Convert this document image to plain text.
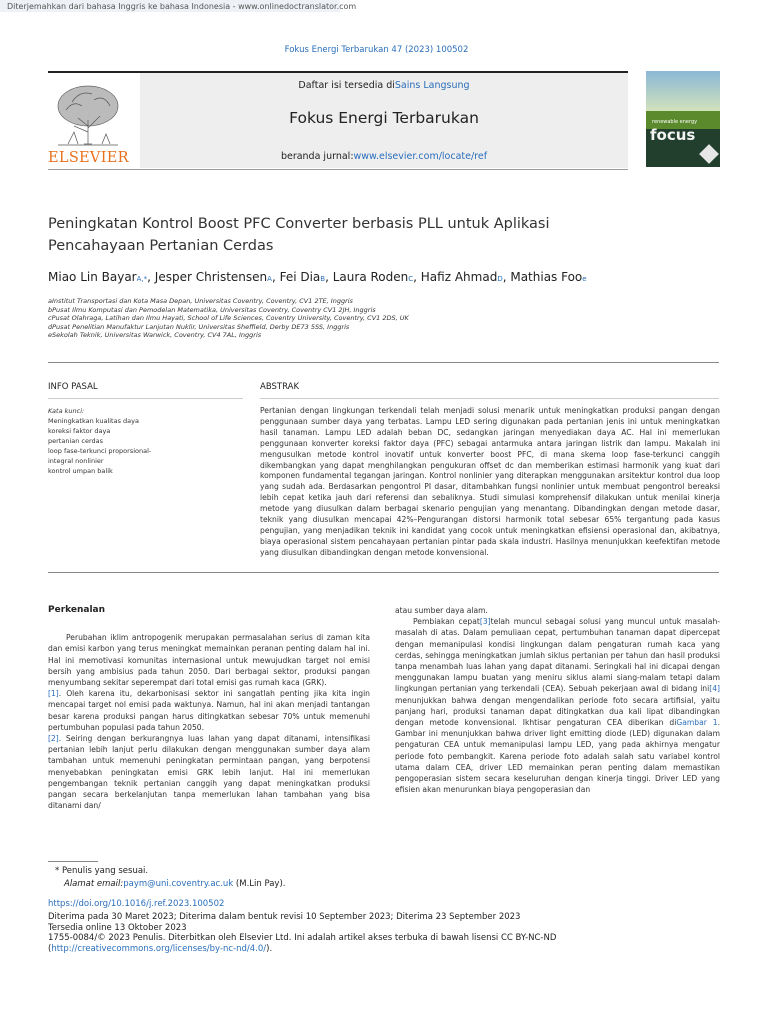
Diterjemahkan dari bahasa Inggris ke bahasa Indonesia - www.onlinedoctranslator.com
Fokus Energi Terbarukan 47 (2023) 100502
ELSEVIER
Daftar isi tersedia diSains Langsung
Fokus Energi Terbarukan
beranda jurnal:www.elsevier.com/locate/ref
renewable energy
focus
Peningkatan Kontrol Boost PFC Converter berbasis PLL untuk Aplikasi Pencahayaan Pertanian Cerdas
Miao Lin BayarA,*, Jesper ChristensenA, Fei DiaB, Laura RodenC, Hafiz AhmadD, Mathias Fooe
aInstitut Transportasi dan Kota Masa Depan, Universitas Coventry, Coventry, CV1 2TE, Inggris
bPusat Ilmu Komputasi dan Pemodelan Matematika, Universitas Coventry, Coventry CV1 2JH, Inggris
cPusat Olahraga, Latihan dan Ilmu Hayati, School of Life Sciences, Coventry University, Coventry, CV1 2DS, UK
dPusat Penelitian Manufaktur Lanjutan Nuklir, Universitas Sheffield, Derby DE73 5SS, Inggris
eSekolah Teknik, Universitas Warwick, Coventry, CV4 7AL, Inggris
INFO PASAL	ABSTRAK
Kata kunci:
Meningkatkan kualitas daya
koreksi faktor daya
pertanian cerdas
loop fase-terkunci proporsional-
integral nonlinier
kontrol umpan balik
Pertanian dengan lingkungan terkendali telah menjadi solusi menarik untuk meningkatkan produksi pangan dengan penggunaan sumber daya yang terbatas. Lampu LED sering digunakan pada pertanian jenis ini untuk meningkatkan hasil tanaman. Lampu LED adalah beban DC, sedangkan jaringan menyediakan daya AC. Hal ini memerlukan penggunaan konverter koreksi faktor daya (PFC) sebagai antarmuka antara jaringan listrik dan lampu. Makalah ini mengusulkan metode kontrol inovatif untuk konverter boost PFC, di mana skema loop fase-terkunci canggih dikembangkan yang dapat menghilangkan pengukuran offset dc dan memberikan estimasi harmonik yang kuat dari komponen fundamental tegangan jaringan. Kontrol nonlinier yang diterapkan menggunakan arsitektur kontrol dua loop yang sudah ada. Berdasarkan pengontrol PI dasar, ditambahkan fungsi nonlinier untuk membuat pengontrol bereaksi lebih cepat ketika jauh dari referensi dan sebaliknya. Studi simulasi komprehensif dilakukan untuk menilai kinerja metode yang diusulkan dalam berbagai skenario pengujian yang menantang. Dibandingkan dengan metode dasar, teknik yang diusulkan mencapai 42%–Pengurangan distorsi harmonik total sebesar 65% tergantung pada kasus pengujian, yang menjadikan teknik ini kandidat yang cocok untuk meningkatkan efisiensi operasional dan, akibatnya, biaya operasional sistem pencahayaan pertanian pintar pada skala industri. Hasilnya menunjukkan keefektifan metode yang diusulkan dibandingkan dengan metode konvensional.
Perkenalan

Perubahan iklim antropogenik merupakan permasalahan serius di zaman kita dan emisi karbon yang terus meningkat memainkan peranan penting dalam hal ini. Hal ini memotivasi komunitas internasional untuk mewujudkan target nol emisi bersih yang ambisius pada tahun 2050. Dari berbagai sektor, produksi pangan menyumbang sekitar seperempat dari total emisi gas rumah kaca (GRK).
[1]. Oleh karena itu, dekarbonisasi sektor ini sangatlah penting jika kita ingin mencapai target nol emisi pada waktunya. Namun, hal ini akan menjadi tantangan besar karena produksi pangan harus ditingkatkan sebesar 70% untuk memenuhi pertumbuhan populasi pada tahun 2050.
[2]. Seiring dengan berkurangnya luas lahan yang dapat ditanami, intensifikasi pertanian lebih lanjut perlu dilakukan dengan menggunakan sumber daya alam tambahan untuk memenuhi peningkatan permintaan pangan, yang berpotensi menyebabkan peningkatan emisi GRK lebih lanjut. Hal ini memerlukan pengembangan teknik pertanian canggih yang dapat meningkatkan produksi pangan secara berkelanjutan tanpa memerlukan lahan tambahan yang bisa ditanami dan/

atau sumber daya alam.

Pembiakan cepat[3]telah muncul sebagai solusi yang muncul untuk masalah-masalah di atas. Dalam pemuliaan cepat, pertumbuhan tanaman dapat dipercepat dengan memanipulasi kondisi lingkungan dalam pengaturan rumah kaca yang cerdas, sehingga meningkatkan jumlah siklus pertanian per tahun dan hasil produksi tanpa menambah luas lahan yang dapat ditanami. Seringkali hal ini dicapai dengan menggunakan lampu buatan yang meniru siklus alami siang-malam tetapi dalam lingkungan pertanian yang terkendali (CEA). Sebuah pekerjaan awal di bidang ini[4] menunjukkan bahwa dengan mengendalikan periode foto secara artifisial, yaitu panjang hari, produksi tanaman dapat ditingkatkan dua kali lipat dibandingkan dengan metode konvensional. Ikhtisar pengaturan CEA diberikan diGambar 1. Gambar ini menunjukkan bahwa driver light emitting diode (LED) digunakan dalam pengaturan CEA untuk memanipulasi lampu LED, yang pada akhirnya mengatur periode foto pembangkit. Karena periode foto adalah salah satu variabel kontrol utama dalam CEA, driver LED memainkan peran penting dalam memastikan pengoperasian sistem secara keseluruhan dengan kinerja tinggi. Driver LED yang efisien akan menurunkan biaya pengoperasian dan

* Penulis yang sesuai.
Alamat email:paym@uni.coventry.ac.uk (M.Lin Pay).
https://doi.org/10.1016/j.ref.2023.100502
Diterima pada 30 Maret 2023; Diterima dalam bentuk revisi 10 September 2023; Diterima 23 September 2023
Tersedia online 13 Oktober 2023
1755-0084/© 2023 Penulis. Diterbitkan oleh Elsevier Ltd. Ini adalah artikel akses terbuka di bawah lisensi CC BY-NC-ND (http://creativecommons.org/licenses/by-nc-nd/4.0/).
